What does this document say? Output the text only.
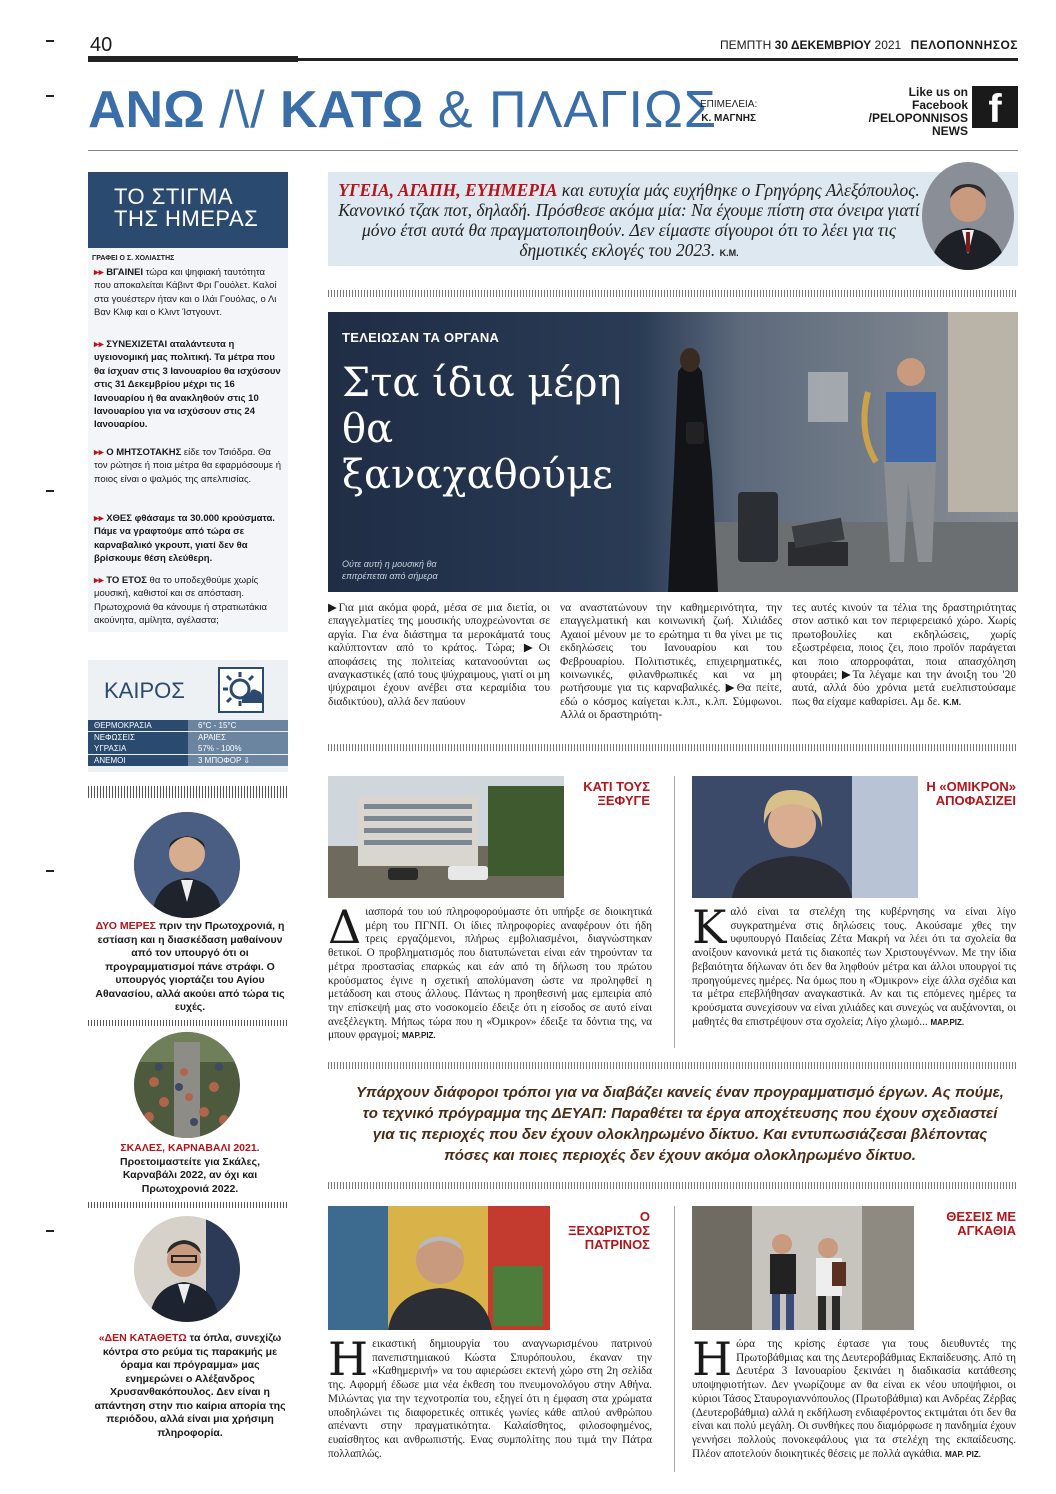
40	ΠΕΜΠΤΗ 30 ΔΕΚΕΜΒΡΙΟΥ 2021 ΠΕΛΟΠΟΝΝΗΣΟΣ
ΑΝΩ /\/ ΚΑΤΩ & ΠΛΑΓΙΩΣ
ΕΠΙΜΕΛΕΙΑ:
Κ. ΜΑΓΝΗΣ
Like us on
Facebook
/PELOPONNISOS NEWS f
ΤΟ ΣΤΙΓΜΑ
ΤΗΣ ΗΜΕΡΑΣ
ΓΡΑΦΕΙ Ο Σ. ΧΟΛΙΑΣΤΗΣ
▸▸ ΒΓΑΙΝΕΙ τώρα και ψηφιακή ταυτότητα που αποκαλείται Κάβιντ Φρι Γουόλετ. Καλοί στα γουέστερν ήταν και ο Ιλάι Γουόλας, ο Λι Βαν Κλιφ και ο Κλιντ Ίστγουντ.
▸▸ ΣΥΝΕΧΙΖΕΤΑΙ αταλάντευτα η υγειονομική μας πολιτική. Τα μέτρα που θα ίσχυαν στις 3 Ιανουαρίου θα ισχύσουν στις 31 Δεκεμβρίου μέχρι τις 16 Ιανουαρίου ή θα ανακληθούν στις 10 Ιανουαρίου για να ισχύσουν στις 24 Ιανουαρίου.
▸▸ Ο ΜΗΤΣΟΤΑΚΗΣ είδε τον Τσιόδρα. Θα τον ρώτησε ή ποια μέτρα θα εφαρμόσουμε ή ποιος είναι ο ψαλμός της απελπισίας.
▸▸ ΧΘΕΣ φθάσαμε τα 30.000 κρούσματα. Πάμε να γραφτούμε από τώρα σε καρναβαλικό γκρουπ, γιατί δεν θα βρίσκουμε θέση ελεύθερη.
▸▸ ΤΟ ΕΤΟΣ θα το υποδεχθούμε χωρίς μουσική, καθιστοί και σε απόσταση. Πρωτοχρονιά θα κάνουμε ή στρατιωτάκια ακούνητα, αμίλητα, αγέλαστα;
ΚΑΙΡΟΣ
ΘΕΡΜΟΚΡΑΣΙΑ	6°C - 15°C
ΝΕΦΩΣΕΙΣ	ΑΡΑΙΕΣ
ΥΓΡΑΣΙΑ	57% - 100%
ΑΝΕΜΟΙ	3 ΜΠΟΦΟΡ ⇩
ΔΥΟ ΜΕΡΕΣ πριν την Πρωτοχρονιά, η εστίαση και η διασκέδαση μαθαίνουν από τον υπουργό ότι οι προγραμματισμοί πάνε στράφι. Ο υπουργός γιορτάζει του Αγίου Αθανασίου, αλλά ακούει από τώρα τις ευχές.
ΣΚΑΛΕΣ, ΚΑΡΝΑΒΑΛΙ 2021. Προετοιμαστείτε για Σκάλες, Καρναβάλι 2022, αν όχι και Πρωτοχρονιά 2022.
«ΔΕΝ ΚΑΤΑΘΕΤΩ τα όπλα, συνεχίζω κόντρα στο ρεύμα τις παρακμής με όραμα και πρόγραμμα» μας ενημερώνει ο Αλέξανδρος Χρυσανθακόπουλος. Δεν είναι η απάντηση στην πιο καίρια απορία της περιόδου, αλλά είναι μια χρήσιμη πληροφορία.
ΥΓΕΙΑ, ΑΓΑΠΗ, ΕΥΗΜΕΡΙΑ και ευτυχία μάς ευχήθηκε ο Γρηγόρης Αλεξόπουλος. Κανονικό τζακ ποτ, δηλαδή. Πρόσθεσε ακόμα μία: Να έχουμε πίστη στα όνειρα γιατί μόνο έτσι αυτά θα πραγματοποιηθούν. Δεν είμαστε σίγουροι ότι το λέει για τις δημοτικές εκλογές του 2023. Κ.Μ.
ΤΕΛΕΙΩΣΑΝ ΤΑ ΟΡΓΑΝΑ
Στα ίδια μέρη θα ξαναχαθούμε
Ούτε αυτή η μουσική θα
επιτρέπεται από σήμερα
▶Για μια ακόμα φορά, μέσα σε μια διετία, οι επαγγελματίες της μουσικής υποχρεώνονται σε αργία. Για ένα διάστημα τα μεροκάματά τους καλύπτονταν από το κράτος. Τώρα; ▶Οι αποφάσεις της πολιτείας κατανοούνται ως αναγκαστικές (από τους ψύχραιμους, γιατί οι μη ψύχραιμοι έχουν ανέβει στα κεραμίδια του διαδικτύου), αλλά δεν παύουν
να αναστατώνουν την καθημερινότητα, την επαγγελματική και κοινωνική ζωή. Χιλιάδες Αχαιοί μένουν με το ερώτημα τι θα γίνει με τις εκδηλώσεις του Ιανουαρίου και του Φεβρουαρίου. Πολιτιστικές, επιχειρηματικές, κοινωνικές, φιλανθρωπικές και να μη ρωτήσουμε για τις καρναβαλικές. ▶Θα πείτε, εδώ ο κόσμος καίγεται κ.λπ., κ.λπ. Σύμφωνοι. Αλλά οι δραστηριότη-
τες αυτές κινούν τα τέλια της δραστηριότητας στον αστικό και τον περιφερειακό χώρο. Χωρίς πρωτοβουλίες και εκδηλώσεις, χωρίς εξωστρέφεια, ποιος ζει, ποιο προϊόν παράγεται και ποιο απορροφάται, ποια απασχόληση φτουράει; ▶Τα λέγαμε και την άνοιξη του '20 αυτά, αλλά δύο χρόνια μετά ευελπιστούσαμε πως θα είχαμε καθαρίσει. Αμ δε. Κ.Μ.
ΚΑΤΙ ΤΟΥΣ
ΞΕΦΥΓΕ
Διασπορά του ιού πληροφορούμαστε ότι υπήρξε σε διοικητικά μέρη του ΠΓΝΠ. Οι ίδιες πληροφορίες αναφέρουν ότι ήδη τρεις εργαζόμενοι, πλήρως εμβολιασμένοι, διαγνώστηκαν θετικοί. Ο προβληματισμός που διατυπώνεται είναι εάν τηρούνταν τα μέτρα προστασίας επαρκώς και εάν από τη δήλωση του πρώτου κρούσματος έγινε η σχετική απολύμανση ώστε να προληφθεί η μετάδοση και στους άλλους. Πάντως η προηθεσινή μας εμπειρία από την επίσκεψή μας στο νοσοκομείο έδειξε ότι η είσοδος σε αυτό είναι ανεξέλεγκτη. Μήπως τώρα που η «Όμικρον» έδειξε τα δόντια της, να μπουν φραγμοί; ΜΑΡ.ΡΙΖ.
Η «ΟΜΙΚΡΟΝ»
ΑΠΟΦΑΣΙΖΕΙ
Καλό είναι τα στελέχη της κυβέρνησης να είναι λίγο συγκρατημένα στις δηλώσεις τους. Ακούσαμε χθες την υφυπουργό Παιδείας Ζέτα Μακρή να λέει ότι τα σχολεία θα ανοίξουν κανονικά μετά τις διακοπές των Χριστουγέννων. Με την ίδια βεβαιότητα δήλωναν ότι δεν θα ληφθούν μέτρα και άλλοι υπουργοί τις προηγούμενες ημέρες. Να όμως που η «Όμικρον» είχε άλλα σχέδια και τα μέτρα επεβλήθησαν αναγκαστικά. Αν και τις επόμενες ημέρες τα κρούσματα συνεχίσουν να είναι χιλιάδες και συνεχώς να αυξάνονται, οι μαθητές θα επιστρέψουν στα σχολεία; Λίγο χλωμό... ΜΑΡ.ΡΙΖ.
Υπάρχουν διάφοροι τρόποι για να διαβάζει κανείς έναν προγραμματισμό έργων. Ας πούμε, το τεχνικό πρόγραμμα της ΔΕΥΑΠ: Παραθέτει τα έργα αποχέτευσης που έχουν σχεδιαστεί για τις περιοχές που δεν έχουν ολοκληρωμένο δίκτυο. Και εντυπωσιάζεσαι βλέποντας πόσες και ποιες περιοχές δεν έχουν ακόμα ολοκληρωμένο δίκτυο.
Ο ΞΕΧΩΡΙΣΤΟΣ
ΠΑΤΡΙΝΟΣ
Ηεικαστική δημιουργία του αναγνωρισμένου πατρινού πανεπιστημιακού Κώστα Σπυρόπουλου, έκαναν την «Καθημερινή» να του αφιερώσει εκτενή χώρο στη 2η σελίδα της. Αφορμή έδωσε μια νέα έκθεση του πνευμονολόγου στην Αθήνα. Μιλώντας για την τεχνοτροπία του, εξηγεί ότι η έμφαση στα χρώματα υποδηλώνει τις διαφορετικές οπτικές γωνίες κάθε απλού ανθρώπου απέναντι στην πραγματικότητα. Καλαίσθητος, φιλοσοφημένος, ευαίσθητος και ανθρωπιστής. Ενας συμπολίτης που τιμά την Πάτρα πολλαπλώς.
ΘΕΣΕΙΣ ΜΕ
ΑΓΚΑΘΙΑ
Ηώρα της κρίσης έφτασε για τους διευθυντές της Πρωτοβάθμιας και της Δευτεροβάθμιας Εκπαίδευσης. Από τη Δευτέρα 3 Ιανουαρίου ξεκινάει η διαδικασία κατάθεσης υποψηφιοτήτων. Δεν γνωρίζουμε αν θα είναι εκ νέου υποψήφιοι, οι κύριοι Τάσος Σταυρογιαννόπουλος (Πρωτοβάθμια) και Ανδρέας Ζέρβας (Δευτεροβάθμια) αλλά η εκδήλωση ενδιαφέροντος εκτιμάται ότι δεν θα είναι και πολύ μεγάλη. Οι συνθήκες που διαμόρφωσε η πανδημία έχουν γεννήσει πολλούς πονοκεφάλους για τα στελέχη της εκπαίδευσης. Πλέον αποτελούν διοικητικές θέσεις με πολλά αγκάθια. ΜΑΡ. ΡΙΖ.
